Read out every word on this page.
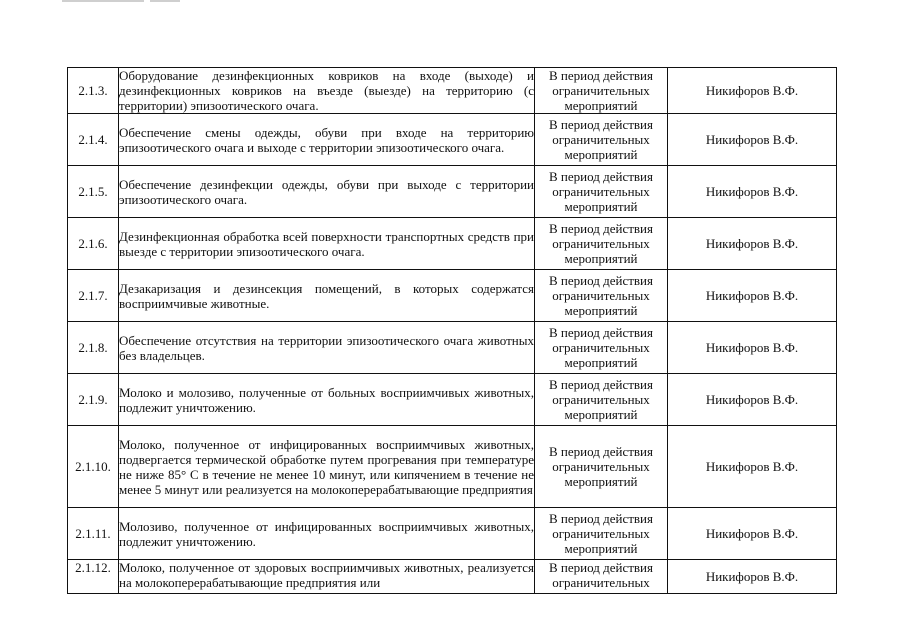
2.1.3.	Оборудование дезинфекционных ковриков на входе (выходе) и дезинфекционных ковриков на въезде (выезде) на территорию (с территории) эпизоотического очага.	В период действия ограничительных мероприятий	Никифоров В.Ф.
2.1.4.	Обеспечение смены одежды, обуви при входе на территорию эпизоотического очага и выходе с территории эпизоотического очага.	В период действия ограничительных мероприятий	Никифоров В.Ф.
2.1.5.	Обеспечение дезинфекции одежды, обуви при выходе с территории эпизоотического очага.	В период действия ограничительных мероприятий	Никифоров В.Ф.
2.1.6.	Дезинфекционная обработка всей поверхности транспортных средств при выезде с территории эпизоотического очага.	В период действия ограничительных мероприятий	Никифоров В.Ф.
2.1.7.	Дезакаризация и дезинсекция помещений, в которых содержатся восприимчивые животные.	В период действия ограничительных мероприятий	Никифоров В.Ф.
2.1.8.	Обеспечение отсутствия на территории эпизоотического очага животных без владельцев.	В период действия ограничительных мероприятий	Никифоров В.Ф.
2.1.9.	Молоко и молозиво, полученные от больных восприимчивых животных, подлежит уничтожению.	В период действия ограничительных мероприятий	Никифоров В.Ф.
2.1.10.	Молоко, полученное от инфицированных восприимчивых животных, подвергается термической обработке путем прогревания при температуре не ниже 85° С в течение не менее 10 минут, или кипячением в течение не менее 5 минут или реализуется на молокоперерабатывающие предприятия	В период действия ограничительных мероприятий	Никифоров В.Ф.
2.1.11.	Молозиво, полученное от инфицированных восприимчивых животных, подлежит уничтожению.	В период действия ограничительных мероприятий	Никифоров В.Ф.
2.1.12.	Молоко, полученное от здоровых восприимчивых животных, реализуется на молокоперерабатывающие предприятия или	В период действия ограничительных	Никифоров В.Ф.
